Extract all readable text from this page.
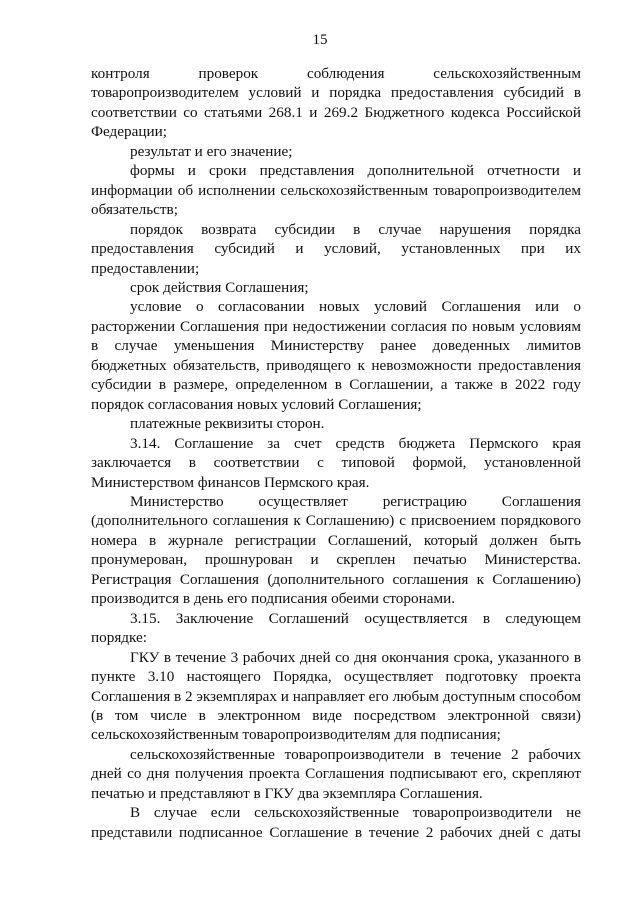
15

контроля проверок соблюдения сельскохозяйственным товаропроизводителем условий и порядка предоставления субсидий в соответствии со статьями 268.1 и 269.2 Бюджетного кодекса Российской Федерации;

результат и его значение;

формы и сроки представления дополнительной отчетности и информации об исполнении сельскохозяйственным товаропроизводителем обязательств;

порядок возврата субсидии в случае нарушения порядка предоставления субсидий и условий, установленных при их предоставлении;

срок действия Соглашения;

условие о согласовании новых условий Соглашения или о расторжении Соглашения при недостижении согласия по новым условиям в случае уменьшения Министерству ранее доведенных лимитов бюджетных обязательств, приводящего к невозможности предоставления субсидии в размере, определенном в Соглашении, а также в 2022 году порядок согласования новых условий Соглашения;

платежные реквизиты сторон.

3.14. Соглашение за счет средств бюджета Пермского края заключается в соответствии с типовой формой, установленной Министерством финансов Пермского края.

Министерство осуществляет регистрацию Соглашения (дополнительного соглашения к Соглашению) с присвоением порядкового номера в журнале регистрации Соглашений, который должен быть пронумерован, прошнурован и скреплен печатью Министерства. Регистрация Соглашения (дополнительного соглашения к Соглашению) производится в день его подписания обеими сторонами.

3.15. Заключение Соглашений осуществляется в следующем порядке:

ГКУ в течение 3 рабочих дней со дня окончания срока, указанного в пункте 3.10 настоящего Порядка, осуществляет подготовку проекта Соглашения в 2 экземплярах и направляет его любым доступным способом (в том числе в электронном виде посредством электронной связи) сельскохозяйственным товаропроизводителям для подписания;

сельскохозяйственные товаропроизводители в течение 2 рабочих дней со дня получения проекта Соглашения подписывают его, скрепляют печатью и представляют в ГКУ два экземпляра Соглашения.

В случае если сельскохозяйственные товаропроизводители не представили подписанное Соглашение в течение 2 рабочих дней с даты
